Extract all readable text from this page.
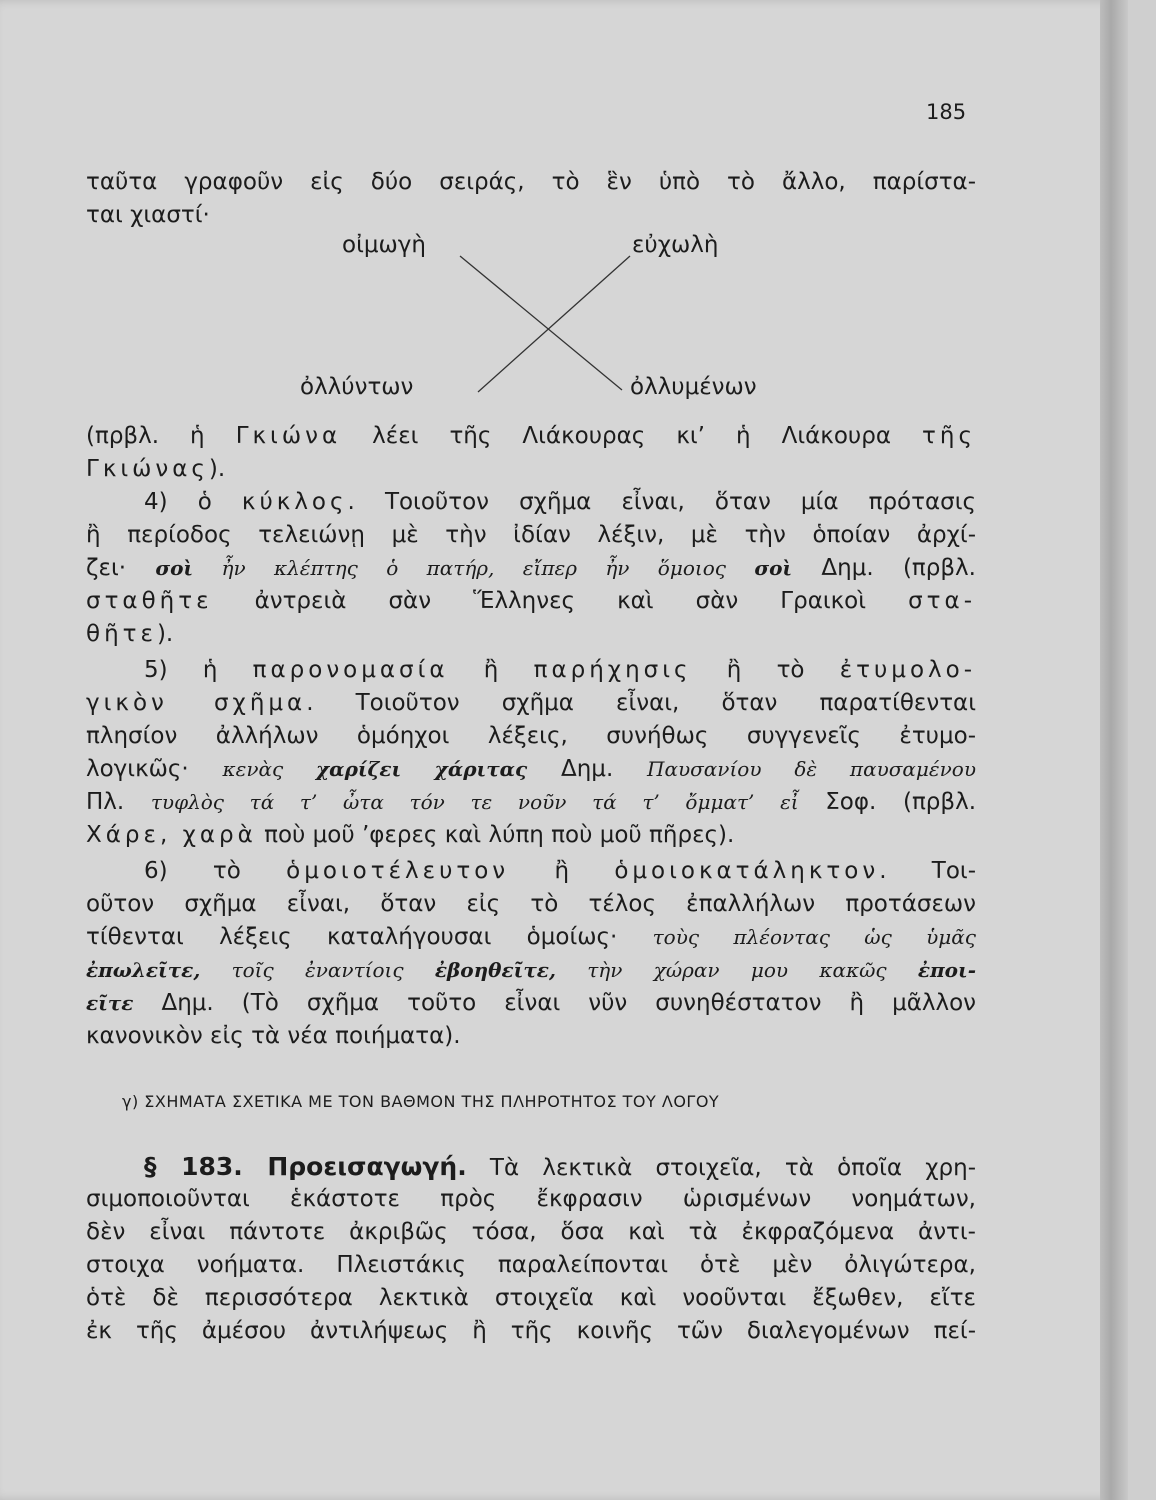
185
ταῦτα γραφοῦν εἰς δύο σειράς, τὸ ἓν ὑπὸ τὸ ἄλλο, παρίστα-
ται χιαστί·
οἰμωγὴ	εὐχωλὴ
ὀλλύντων	ὀλλυμένων
(πρβλ. ἡ Γκιώνα λέει τῆς Λιάκουρας κι’ ἡ Λιάκουρα τῆς
Γκιώνας).
4) ὁ κύκλος. Τοιοῦτον σχῆμα εἶναι, ὅταν μία πρότασις
ἢ περίοδος τελειώνῃ μὲ τὴν ἰδίαν λέξιν, μὲ τὴν ὁποίαν ἀρχί-
ζει· σοὶ ἦν κλέπτης ὁ πατήρ, εἴπερ ἦν ὅμοιος σοὶ Δημ. (πρβλ.
σταθῆτε ἀντρειὰ σὰν Ἕλληνες καὶ σὰν Γραικοὶ στα-
θῆτε).
5) ἡ παρονομασία ἢ παρήχησις ἢ τὸ ἐτυμολο-
γικὸν σχῆμα. Τοιοῦτον σχῆμα εἶναι, ὅταν παρατίθενται
πλησίον ἀλλήλων ὁμόηχοι λέξεις, συνήθως συγγενεῖς ἐτυμο-
λογικῶς· κενὰς χαρίζει χάριτας Δημ. Παυσανίου δὲ παυσαμένου
Πλ. τυφλὸς τά τ’ ὦτα τόν τε νοῦν τά τ’ ὄμματ’ εἶ Σοφ. (πρβλ.
Χάρε, χαρὰ ποὺ μοῦ ’φερες καὶ λύπη ποὺ μοῦ πῆρες).
6) τὸ ὁμοιοτέλευτον ἢ ὁμοιοκατάληκτον. Τοι-
οῦτον σχῆμα εἶναι, ὅταν εἰς τὸ τέλος ἐπαλλήλων προτάσεων
τίθενται λέξεις καταλήγουσαι ὁμοίως· τοὺς πλέοντας ὡς ὑμᾶς
ἐπωλεῖτε, τοῖς ἐναντίοις ἐβοηθεῖτε, τὴν χώραν μου κακῶς ἐποι-
εῖτε Δημ. (Τὸ σχῆμα τοῦτο εἶναι νῦν συνηθέστατον ἢ μᾶλλον
κανονικὸν εἰς τὰ νέα ποιήματα).
γ) ΣΧΗΜΑΤΑ ΣΧΕΤΙΚΑ ΜΕ ΤΟΝ ΒΑΘΜΟΝ ΤΗΣ ΠΛΗΡΟΤΗΤΟΣ ΤΟΥ ΛΟΓΟΥ
§ 183. Προεισαγωγή. Τὰ λεκτικὰ στοιχεῖα, τὰ ὁποῖα χρη-
σιμοποιοῦνται ἑκάστοτε πρὸς ἔκφρασιν ὡρισμένων νοημάτων,
δὲν εἶναι πάντοτε ἀκριβῶς τόσα, ὅσα καὶ τὰ ἐκφραζόμενα ἀντι-
στοιχα νοήματα. Πλειστάκις παραλείπονται ὁτὲ μὲν ὀλιγώτερα,
ὁτὲ δὲ περισσότερα λεκτικὰ στοιχεῖα καὶ νοοῦνται ἔξωθεν, εἴτε
ἐκ τῆς ἀμέσου ἀντιλήψεως ἢ τῆς κοινῆς τῶν διαλεγομένων πεί-
